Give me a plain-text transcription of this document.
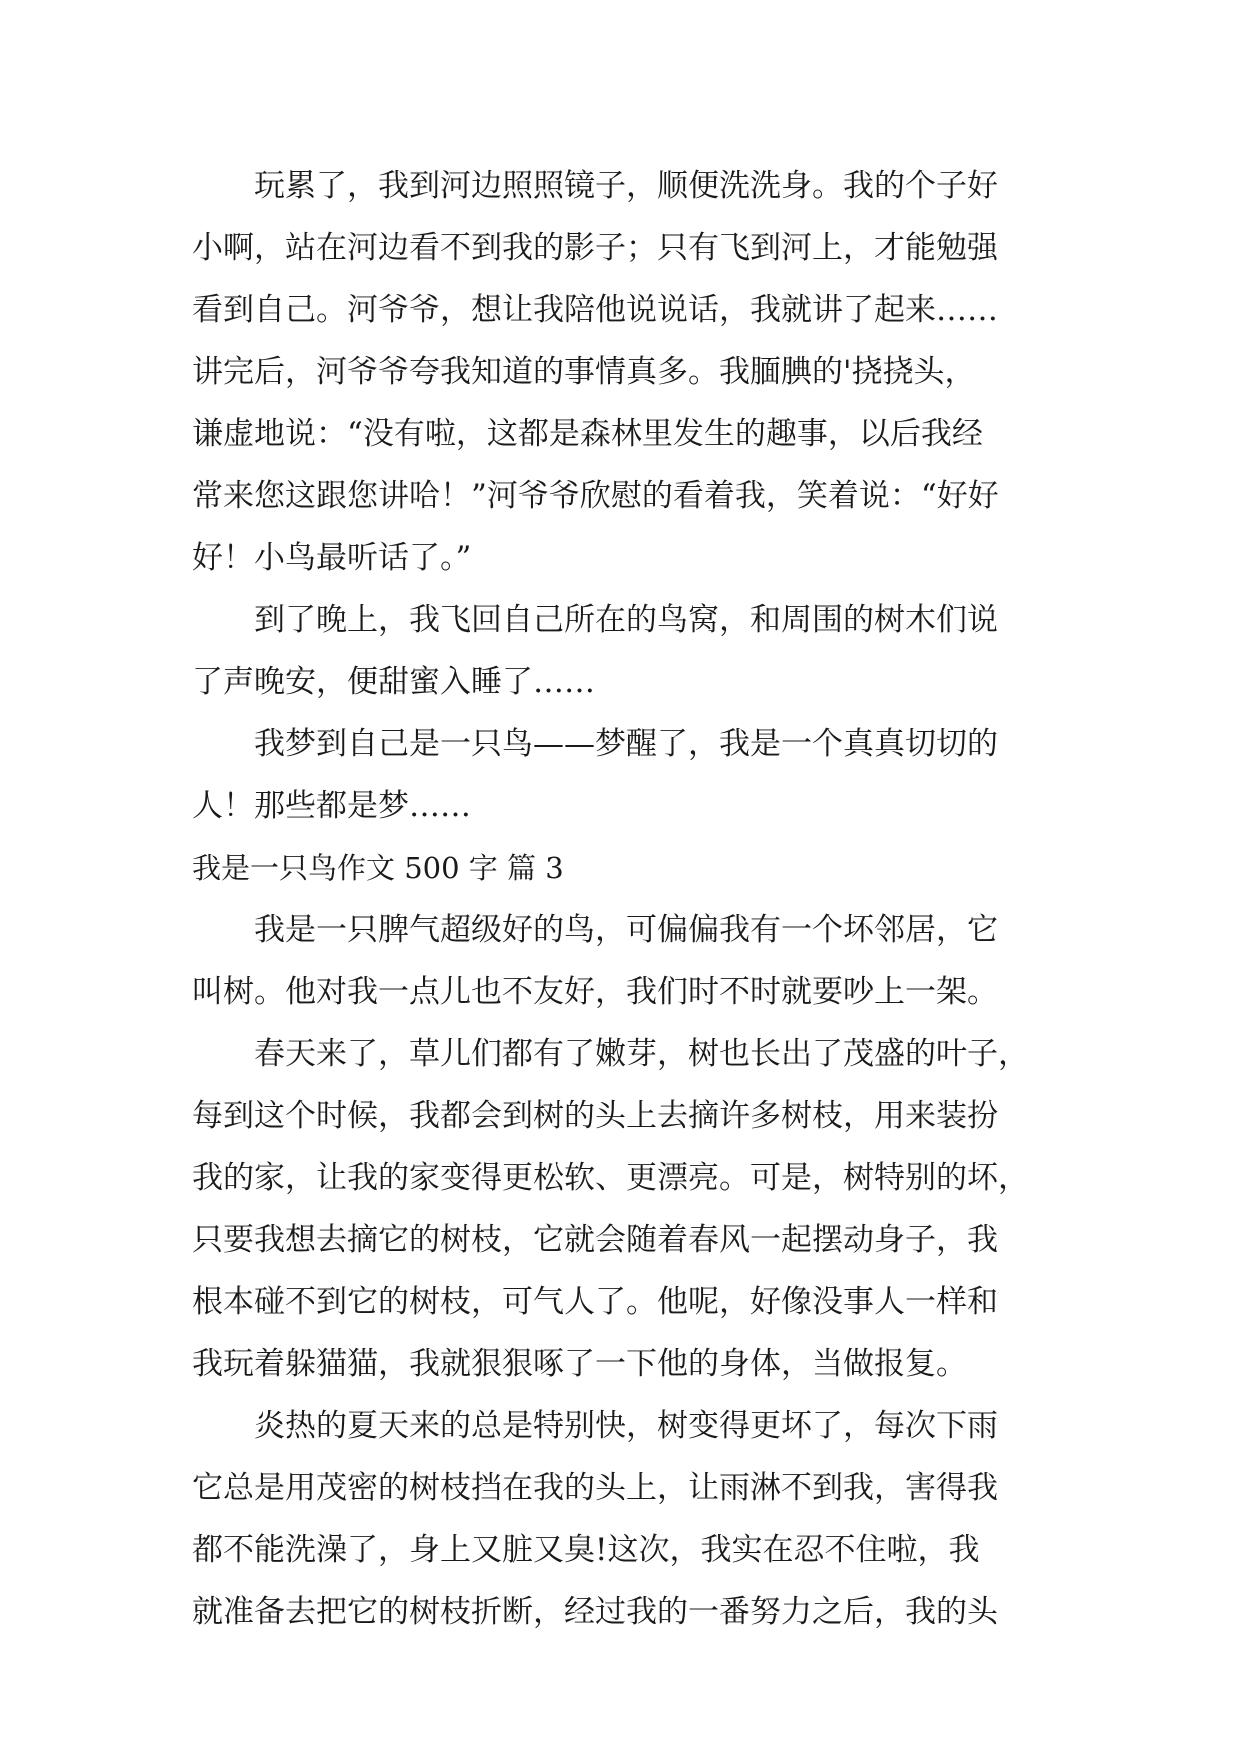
玩累了，我到河边照照镜子，顺便洗洗身。我的个子好
小啊，站在河边看不到我的影子；只有飞到河上，才能勉强
看到自己。河爷爷，想让我陪他说说话，我就讲了起来……
讲完后，河爷爷夸我知道的事情真多。我腼腆的'挠挠头，
谦虚地说：“没有啦，这都是森林里发生的趣事，以后我经
常来您这跟您讲哈！”河爷爷欣慰的看着我，笑着说：“好好
好！小鸟最听话了。”
到了晚上，我飞回自己所在的鸟窝，和周围的树木们说
了声晚安，便甜蜜入睡了……
我梦到自己是一只鸟——梦醒了，我是一个真真切切的
人！那些都是梦……
我是一只鸟作文 500 字 篇 3
我是一只脾气超级好的鸟，可偏偏我有一个坏邻居，它
叫树。他对我一点儿也不友好，我们时不时就要吵上一架。
春天来了，草儿们都有了嫩芽，树也长出了茂盛的叶子，
每到这个时候，我都会到树的头上去摘许多树枝，用来装扮
我的家，让我的家变得更松软、更漂亮。可是，树特别的坏，
只要我想去摘它的树枝，它就会随着春风一起摆动身子，我
根本碰不到它的树枝，可气人了。他呢，好像没事人一样和
我玩着躲猫猫，我就狠狠啄了一下他的身体，当做报复。
炎热的夏天来的总是特别快，树变得更坏了，每次下雨
它总是用茂密的树枝挡在我的头上，让雨淋不到我，害得我
都不能洗澡了，身上又脏又臭!这次，我实在忍不住啦，我
就准备去把它的树枝折断，经过我的一番努力之后，我的头
